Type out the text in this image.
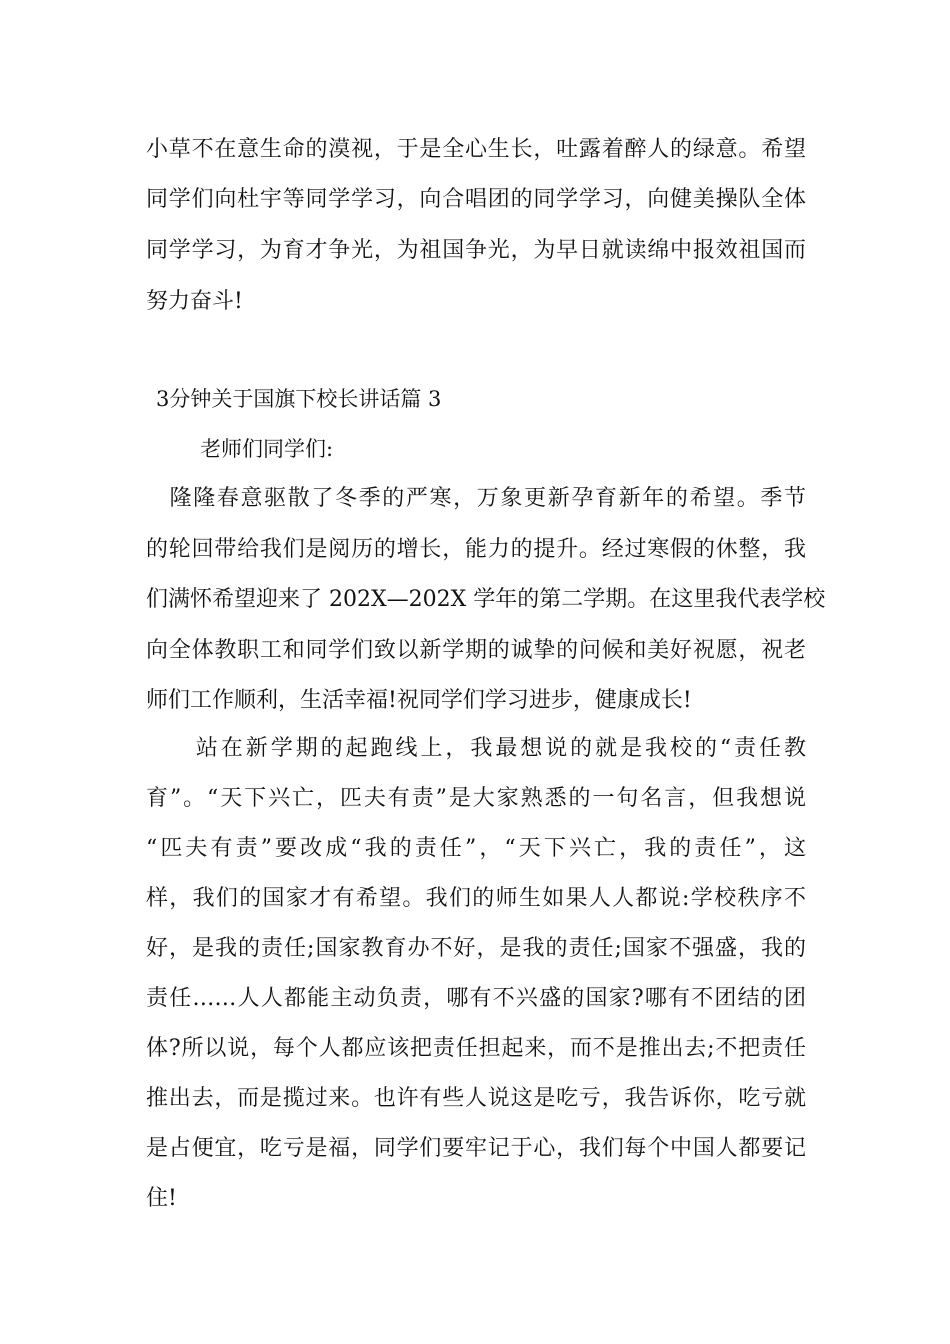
小草不在意生命的漠视，于是全心生长，吐露着醉人的绿意。希望
同学们向杜宇等同学学习，向合唱团的同学学习，向健美操队全体
同学学习，为育才争光，为祖国争光，为早日就读绵中报效祖国而
努力奋斗!
3分钟关于国旗下校长讲话篇 3
老师们同学们:
　隆隆春意驱散了冬季的严寒，万象更新孕育新年的希望。季节
的轮回带给我们是阅历的增长，能力的提升。经过寒假的休整，我
们满怀希望迎来了 202X—202X 学年的第二学期。在这里我代表学校
向全体教职工和同学们致以新学期的诚挚的问候和美好祝愿，祝老
师们工作顺利，生活幸福!祝同学们学习进步，健康成长!
　　站在新学期的起跑线上，我最想说的就是我校的“责任教
育”。“天下兴亡，匹夫有责”是大家熟悉的一句名言，但我想说
“匹夫有责”要改成“我的责任”，“天下兴亡，我的责任”，这
样，我们的国家才有希望。我们的师生如果人人都说:学校秩序不
好，是我的责任;国家教育办不好，是我的责任;国家不强盛，我的
责任……人人都能主动负责，哪有不兴盛的国家?哪有不团结的团
体?所以说，每个人都应该把责任担起来，而不是推出去;不把责任
推出去，而是揽过来。也许有些人说这是吃亏，我告诉你，吃亏就
是占便宜，吃亏是福，同学们要牢记于心，我们每个中国人都要记
住!
